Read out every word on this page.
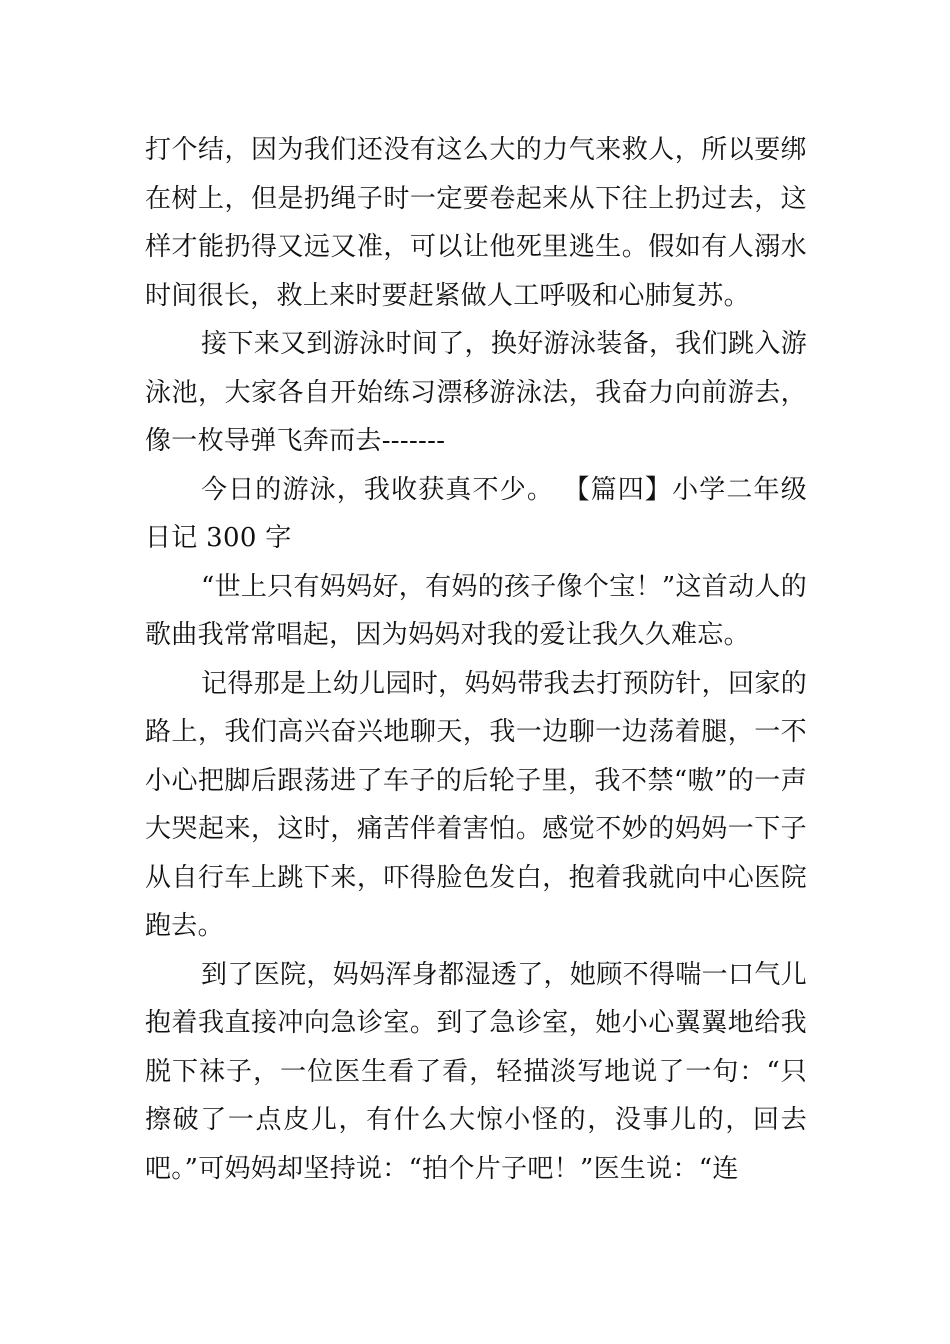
打个结，因为我们还没有这么大的力气来救人，所以要绑在树上，但是扔绳子时一定要卷起来从下往上扔过去，这样才能扔得又远又准，可以让他死里逃生。假如有人溺水时间很长，救上来时要赶紧做人工呼吸和心肺复苏。

接下来又到游泳时间了，换好游泳装备，我们跳入游泳池，大家各自开始练习漂移游泳法，我奋力向前游去，像一枚导弹飞奔而去-------

今日的游泳，我收获真不少。 【篇四】小学二年级日记 300 字

“世上只有妈妈好，有妈的孩子像个宝！”这首动人的歌曲我常常唱起，因为妈妈对我的爱让我久久难忘。

记得那是上幼儿园时，妈妈带我去打预防针，回家的路上，我们高兴奋兴地聊天，我一边聊一边荡着腿，一不小心把脚后跟荡进了车子的后轮子里，我不禁“嗷”的一声大哭起来，这时，痛苦伴着害怕。感觉不妙的妈妈一下子从自行车上跳下来，吓得脸色发白，抱着我就向中心医院跑去。

到了医院，妈妈浑身都湿透了，她顾不得喘一口气儿抱着我直接冲向急诊室。到了急诊室，她小心翼翼地给我脱下袜子，一位医生看了看，轻描淡写地说了一句：“只擦破了一点皮儿，有什么大惊小怪的，没事儿的，回去吧。”可妈妈却坚持说：“拍个片子吧！”医生说：“连
